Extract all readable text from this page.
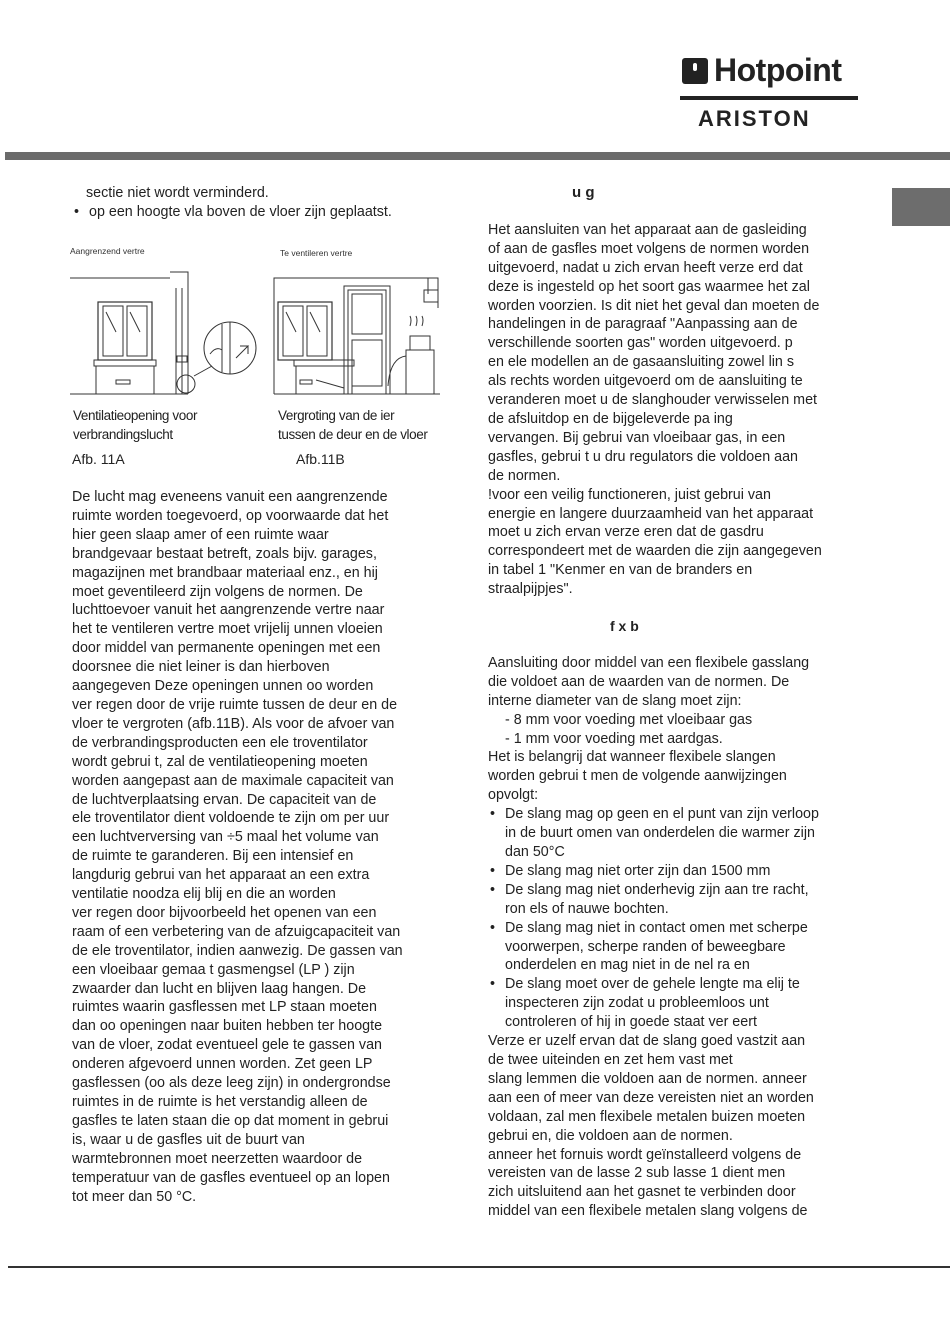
Hotpoint
ARISTON

sectie niet wordt verminderd.

• op een hoogte vla boven de vloer zijn geplaatst.

Aangrenzend vertre	Te ventileren vertre
Ventilatieopening voor
verbrandingslucht
Vergroting van de ier
tussen de deur en de vloer
Afb. 11A	Afb.11B

De lucht mag eveneens vanuit een aangrenzende

ruimte worden toegevoerd, op voorwaarde dat het

hier geen slaap amer of een ruimte waar

brandgevaar bestaat betreft, zoals bijv. garages,

magazijnen met brandbaar materiaal enz., en hij

moet geventileerd zijn volgens de normen. De

luchttoevoer vanuit het aangrenzende vertre naar

het te ventileren vertre moet vrijelij unnen vloeien

door middel van permanente openingen met een

doorsnee die niet leiner is dan hierboven

aangegeven Deze openingen unnen oo worden

ver regen door de vrije ruimte tussen de deur en de

vloer te vergroten (afb.11B). Als voor de afvoer van

de verbrandingsproducten een ele troventilator

wordt gebrui t, zal de ventilatieopening moeten

worden aangepast aan de maximale capaciteit van

de luchtverplaatsing ervan. De capaciteit van de

ele troventilator dient voldoende te zijn om per uur

een luchtverversing van ÷5 maal het volume van

de ruimte te garanderen. Bij een intensief en

langdurig gebrui van het apparaat an een extra

ventilatie noodza elij blij en die an worden

ver regen door bijvoorbeeld het openen van een

raam of een verbetering van de afzuigcapaciteit van

de ele troventilator, indien aanwezig. De gassen van

een vloeibaar gemaa t gasmengsel (LP ) zijn

zwaarder dan lucht en blijven laag hangen. De

ruimtes waarin gasflessen met LP staan moeten

dan oo openingen naar buiten hebben ter hoogte

van de vloer, zodat eventueel gele te gassen van

onderen afgevoerd unnen worden. Zet geen LP

gasflessen (oo als deze leeg zijn) in ondergrondse

ruimtes in de ruimte is het verstandig alleen de

gasfles te laten staan die op dat moment in gebrui

is, waar u de gasfles uit de buurt van

warmtebronnen moet neerzetten waardoor de

temperatuur van de gasfles eventueel op an lopen

tot meer dan 50 °C.

u g

Het aansluiten van het apparaat aan de gasleiding

of aan de gasfles moet volgens de normen worden

uitgevoerd, nadat u zich ervan heeft verze erd dat

deze is ingesteld op het soort gas waarmee het zal

worden voorzien. Is dit niet het geval dan moeten de

handelingen in de paragraaf "Aanpassing aan de

verschillende soorten gas" worden uitgevoerd. p

en ele modellen an de gasaansluiting zowel lin s

als rechts worden uitgevoerd om de aansluiting te

veranderen moet u de slanghouder verwisselen met

de afsluitdop en de bijgeleverde pa ing

vervangen. Bij gebrui van vloeibaar gas, in een

gasfles, gebrui t u dru regulators die voldoen aan

de normen.

!voor een veilig functioneren, juist gebrui van

energie en langere duurzaamheid van het apparaat

moet u zich ervan verze eren dat de gasdru

correspondeert met de waarden die zijn aangegeven

in tabel 1 "Kenmer en van de branders en

straalpijpjes".

f x b

Aansluiting door middel van een flexibele gasslang

die voldoet aan de waarden van de normen. De

interne diameter van de slang moet zijn:

- 8 mm voor voeding met vloeibaar gas

- 1 mm voor voeding met aardgas.

Het is belangrij dat wanneer flexibele slangen

worden gebrui t men de volgende aanwijzingen

opvolgt:

• De slang mag op geen en el punt van zijn verloop

in de buurt omen van onderdelen die warmer zijn

dan 50°C

• De slang mag niet orter zijn dan 1500 mm

• De slang mag niet onderhevig zijn aan tre racht,

ron els of nauwe bochten.

• De slang mag niet in contact omen met scherpe

voorwerpen, scherpe randen of beweegbare

onderdelen en mag niet in de nel ra en

• De slang moet over de gehele lengte ma elij te

inspecteren zijn zodat u probleemloos unt

controleren of hij in goede staat ver eert

Verze er uzelf ervan dat de slang goed vastzit aan

de twee uiteinden en zet hem vast met

slang lemmen die voldoen aan de normen. anneer

aan een of meer van deze vereisten niet an worden

voldaan, zal men flexibele metalen buizen moeten

gebrui en, die voldoen aan de normen.

anneer het fornuis wordt geïnstalleerd volgens de

vereisten van de lasse 2 sub lasse 1 dient men

zich uitsluitend aan het gasnet te verbinden door

middel van een flexibele metalen slang volgens de
